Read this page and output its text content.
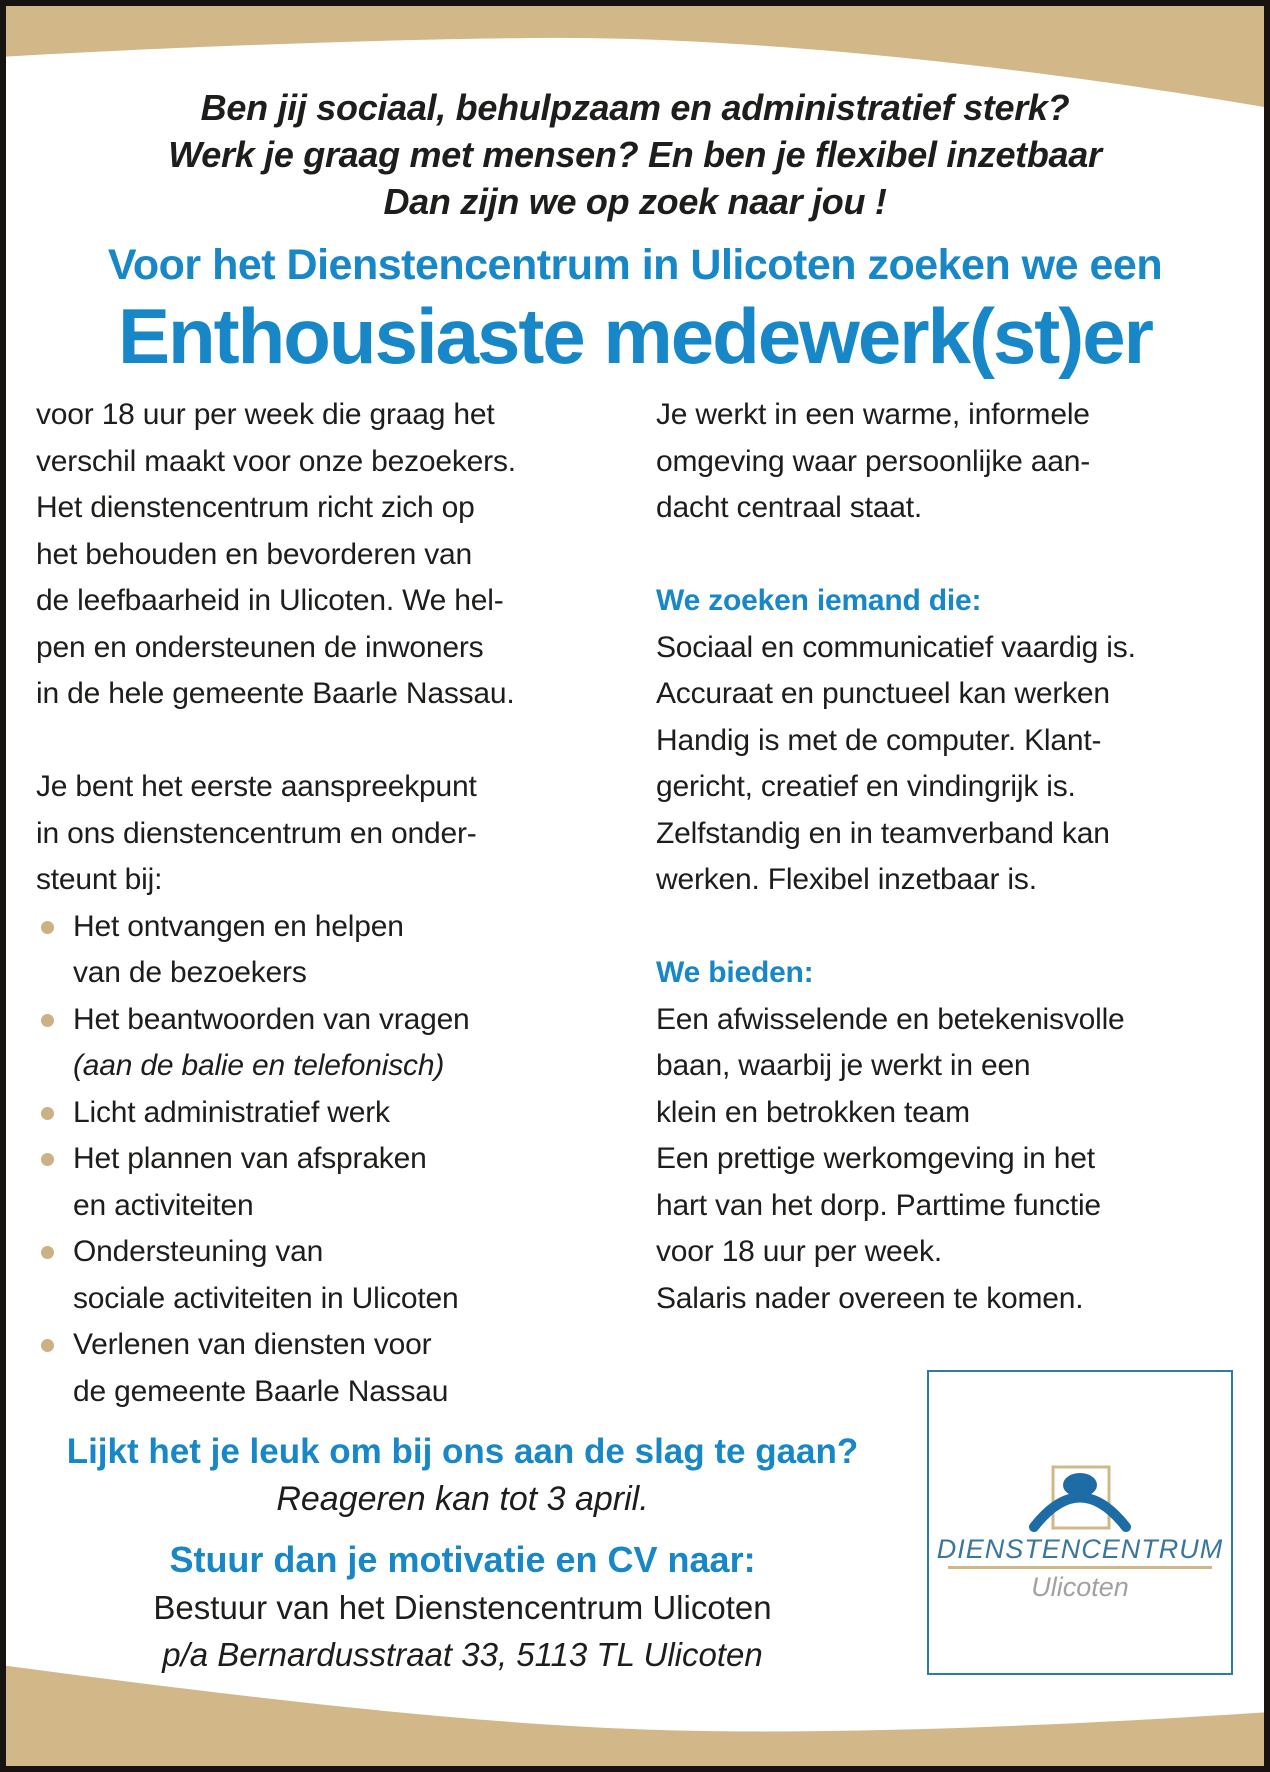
Ben jij sociaal, behulpzaam en administratief sterk?
Werk je graag met mensen? En ben je flexibel inzetbaar
Dan zijn we op zoek naar jou !
Voor het Dienstencentrum in Ulicoten zoeken we een
Enthousiaste medewerk(st)er
voor 18 uur per week die graag het
verschil maakt voor onze bezoekers.
Het dienstencentrum richt zich op
het behouden en bevorderen van
de leefbaarheid in Ulicoten. We hel-
pen en ondersteunen de inwoners
in de hele gemeente Baarle Nassau.
Je bent het eerste aanspreekpunt
in ons dienstencentrum en onder-
steunt bij:
Het ontvangen en helpen
van de bezoekers
Het beantwoorden van vragen
(aan de balie en telefonisch)
Licht administratief werk
Het plannen van afspraken
en activiteiten
Ondersteuning van
sociale activiteiten in Ulicoten
Verlenen van diensten voor
de gemeente Baarle Nassau
Je werkt in een warme, informele
omgeving waar persoonlijke aan-
dacht centraal staat.
We zoeken iemand die:
Sociaal en communicatief vaardig is.
Accuraat en punctueel kan werken
Handig is met de computer. Klant-
gericht, creatief en vindingrijk is.
Zelfstandig en in teamverband kan
werken. Flexibel inzetbaar is.
We bieden:
Een afwisselende en betekenisvolle
baan, waarbij je werkt in een
klein en betrokken team
Een prettige werkomgeving in het
hart van het dorp. Parttime functie
voor 18 uur per week.
Salaris nader overeen te komen.
Lijkt het je leuk om bij ons aan de slag te gaan?
Reageren kan tot 3 april.
Stuur dan je motivatie en CV naar:
Bestuur van het Dienstencentrum Ulicoten
p/a Bernardusstraat 33, 5113 TL Ulicoten
DIENSTENCENTRUM
Ulicoten
